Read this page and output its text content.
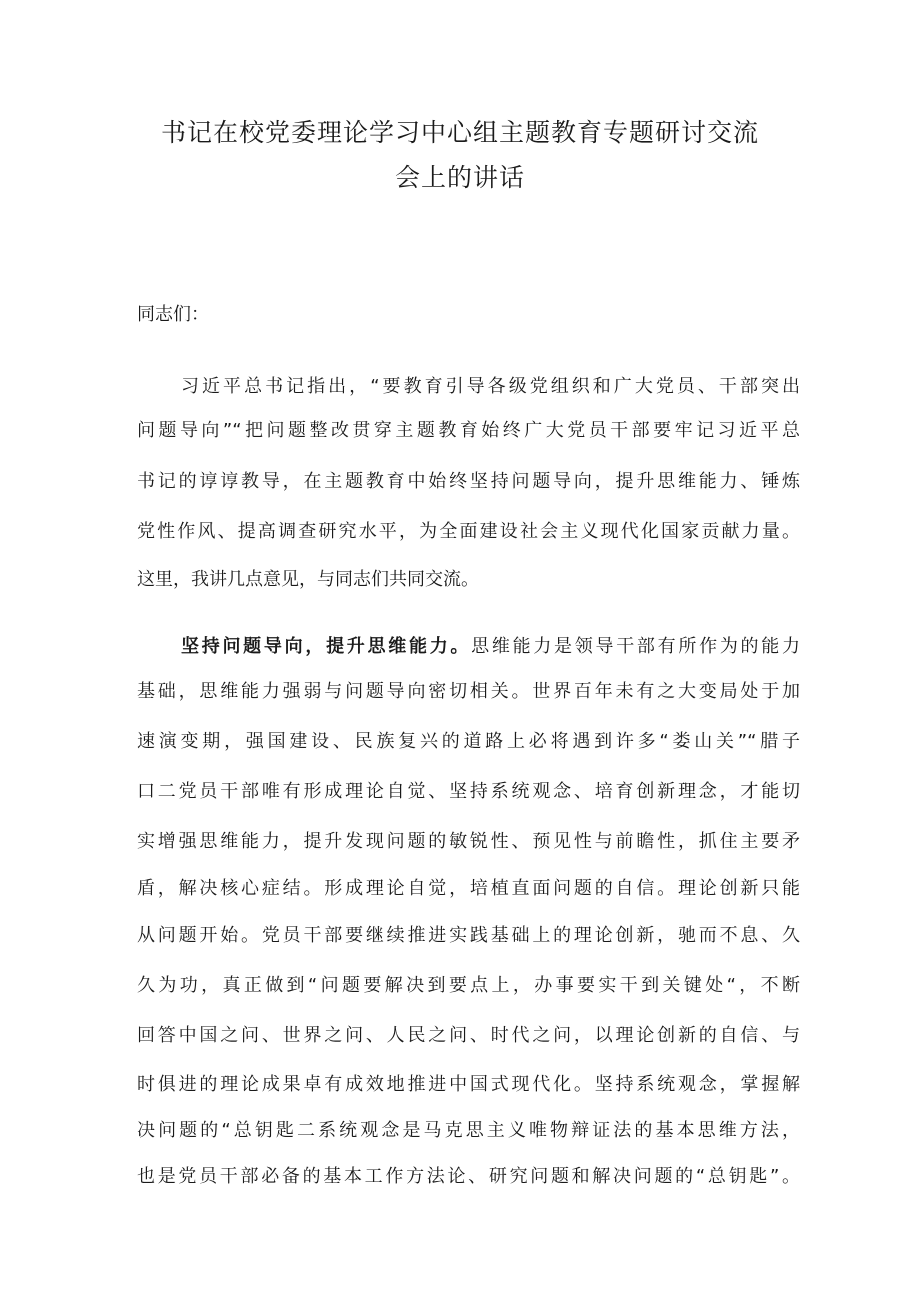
书记在校党委理论学习中心组主题教育专题研讨交流
会上的讲话
同志们：
习近平总书记指出，“要教育引导各级党组织和广大党员、干部突出
问题导向”“把问题整改贯穿主题教育始终广大党员干部要牢记习近平总
书记的谆谆教导，在主题教育中始终坚持问题导向，提升思维能力、锤炼
党性作风、提高调查研究水平，为全面建设社会主义现代化国家贡献力量。
这里，我讲几点意见，与同志们共同交流。
坚持问题导向，提升思维能力。思维能力是领导干部有所作为的能力
基础，思维能力强弱与问题导向密切相关。世界百年未有之大变局处于加
速演变期，强国建设、民族复兴的道路上必将遇到许多“娄山关”“腊子
口二党员干部唯有形成理论自觉、坚持系统观念、培育创新理念，才能切
实增强思维能力，提升发现问题的敏锐性、预见性与前瞻性，抓住主要矛
盾，解决核心症结。形成理论自觉，培植直面问题的自信。理论创新只能
从问题开始。党员干部要继续推进实践基础上的理论创新，驰而不息、久
久为功，真正做到“问题要解决到要点上，办事要实干到关键处“，不断
回答中国之问、世界之问、人民之问、时代之问，以理论创新的自信、与
时俱进的理论成果卓有成效地推进中国式现代化。坚持系统观念，掌握解
决问题的“总钥匙二系统观念是马克思主义唯物辩证法的基本思维方法，
也是党员干部必备的基本工作方法论、研究问题和解决问题的“总钥匙”。
